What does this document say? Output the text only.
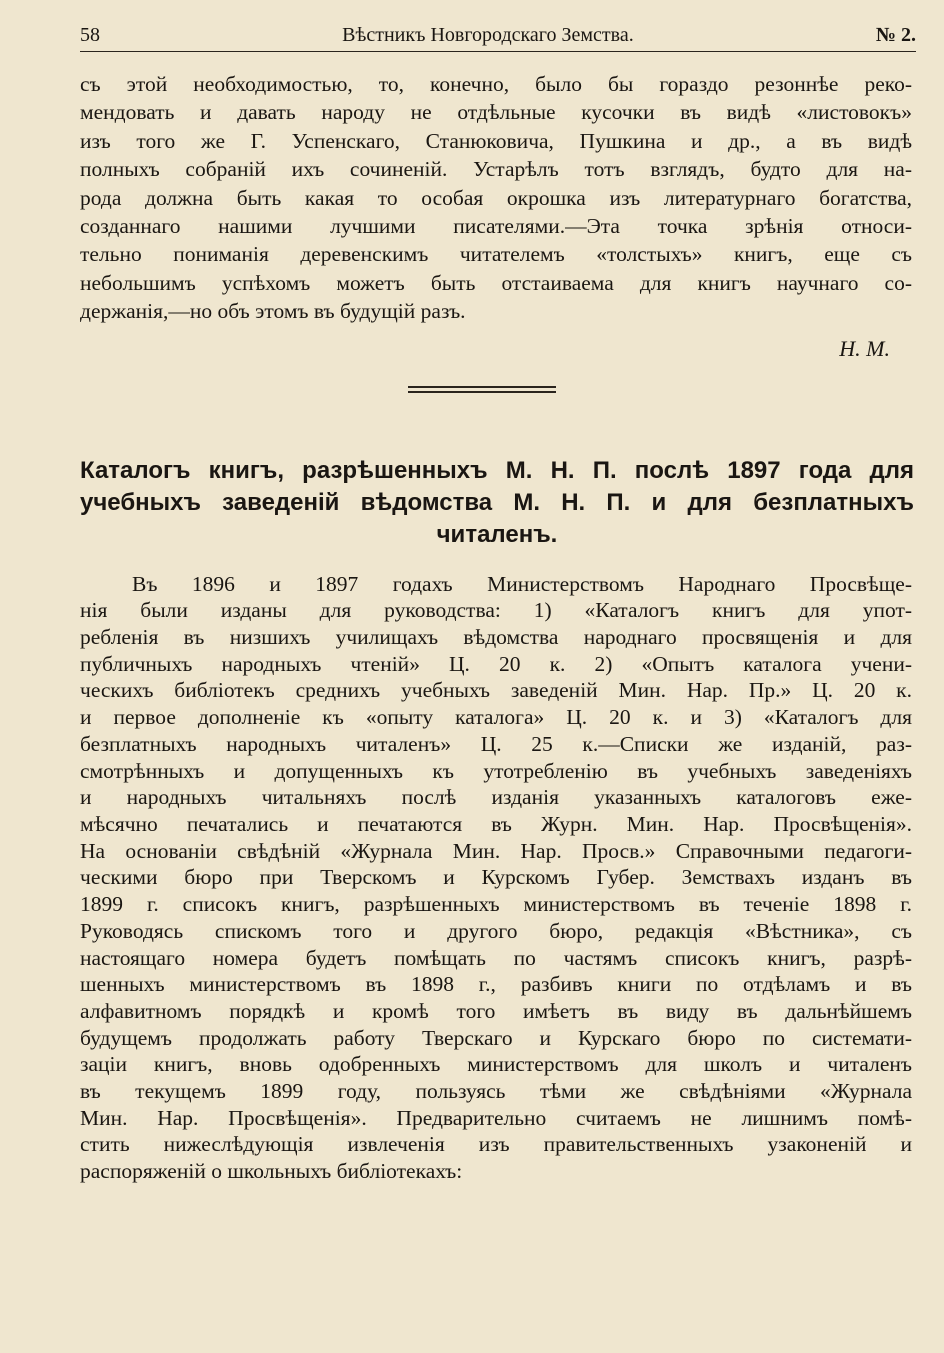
58	Вѣстникъ Новгородскаго Земства.	№ 2.
съ этой необходимостью, то, конечно, было бы гораздо резоннѣе реко-
мендовать и давать народу не отдѣльные кусочки въ видѣ «листовокъ»
изъ того же Г. Успенскаго, Станюковича, Пушкина и др., а въ видѣ
полныхъ собраній ихъ сочиненій. Устарѣлъ тотъ взглядъ, будто для на-
рода должна быть какая то особая окрошка изъ литературнаго богатства,
созданнаго нашими лучшими писателями.—Эта точка зрѣнія относи-
тельно пониманія деревенскимъ читателемъ «толстыхъ» книгъ, еще съ
небольшимъ успѣхомъ можетъ быть отстаиваема для книгъ научнаго со-
держанія,—но объ этомъ въ будущій разъ.
Н. М.
Каталогъ книгъ, разрѣшенныхъ М. Н. П. послѣ 1897 года для
учебныхъ заведеній вѣдомства М. Н. П. и для безплатныхъ
читаленъ.
Въ 1896 и 1897 годахъ Министерствомъ Народнаго Просвѣще-
нія были изданы для руководства: 1) «Каталогъ книгъ для упот-
ребленія въ низшихъ училищахъ вѣдомства народнаго просвященія и для
публичныхъ народныхъ чтеній» Ц. 20 к. 2) «Опытъ каталога учени-
ческихъ библіотекъ среднихъ учебныхъ заведеній Мин. Нар. Пр.» Ц. 20 к.
и первое дополненіе къ «опыту каталога» Ц. 20 к. и 3) «Каталогъ для
безплатныхъ народныхъ читаленъ» Ц. 25 к.—Списки же изданій, раз-
смотрѣнныхъ и допущенныхъ къ утотребленію въ учебныхъ заведеніяхъ
и народныхъ читальняхъ послѣ изданія указанныхъ каталоговъ еже-
мѣсячно печатались и печатаются въ Журн. Мин. Нар. Просвѣщенія».
На основаніи свѣдѣній «Журнала Мин. Нар. Просв.» Справочными педагоги-
ческими бюро при Тверскомъ и Курскомъ Губер. Земствахъ изданъ въ
1899 г. списокъ книгъ, разрѣшенныхъ министерствомъ въ теченіе 1898 г.
Руководясь спискомъ того и другого бюро, редакція «Вѣстника», съ
настоящаго номера будетъ помѣщать по частямъ списокъ книгъ, разрѣ-
шенныхъ министерствомъ въ 1898 г., разбивъ книги по отдѣламъ и въ
алфавитномъ порядкѣ и кромѣ того имѣетъ въ виду въ дальнѣйшемъ
будущемъ продолжать работу Тверскаго и Курскаго бюро по системати-
заціи книгъ, вновь одобренныхъ министерствомъ для школъ и читаленъ
въ текущемъ 1899 году, пользуясь тѣми же свѣдѣніями «Журнала
Мин. Нар. Просвѣщенія». Предварительно считаемъ не лишнимъ помѣ-
стить нижеслѣдующія извлеченія изъ правительственныхъ узаконеній и
распоряженій о школьныхъ библіотекахъ:
